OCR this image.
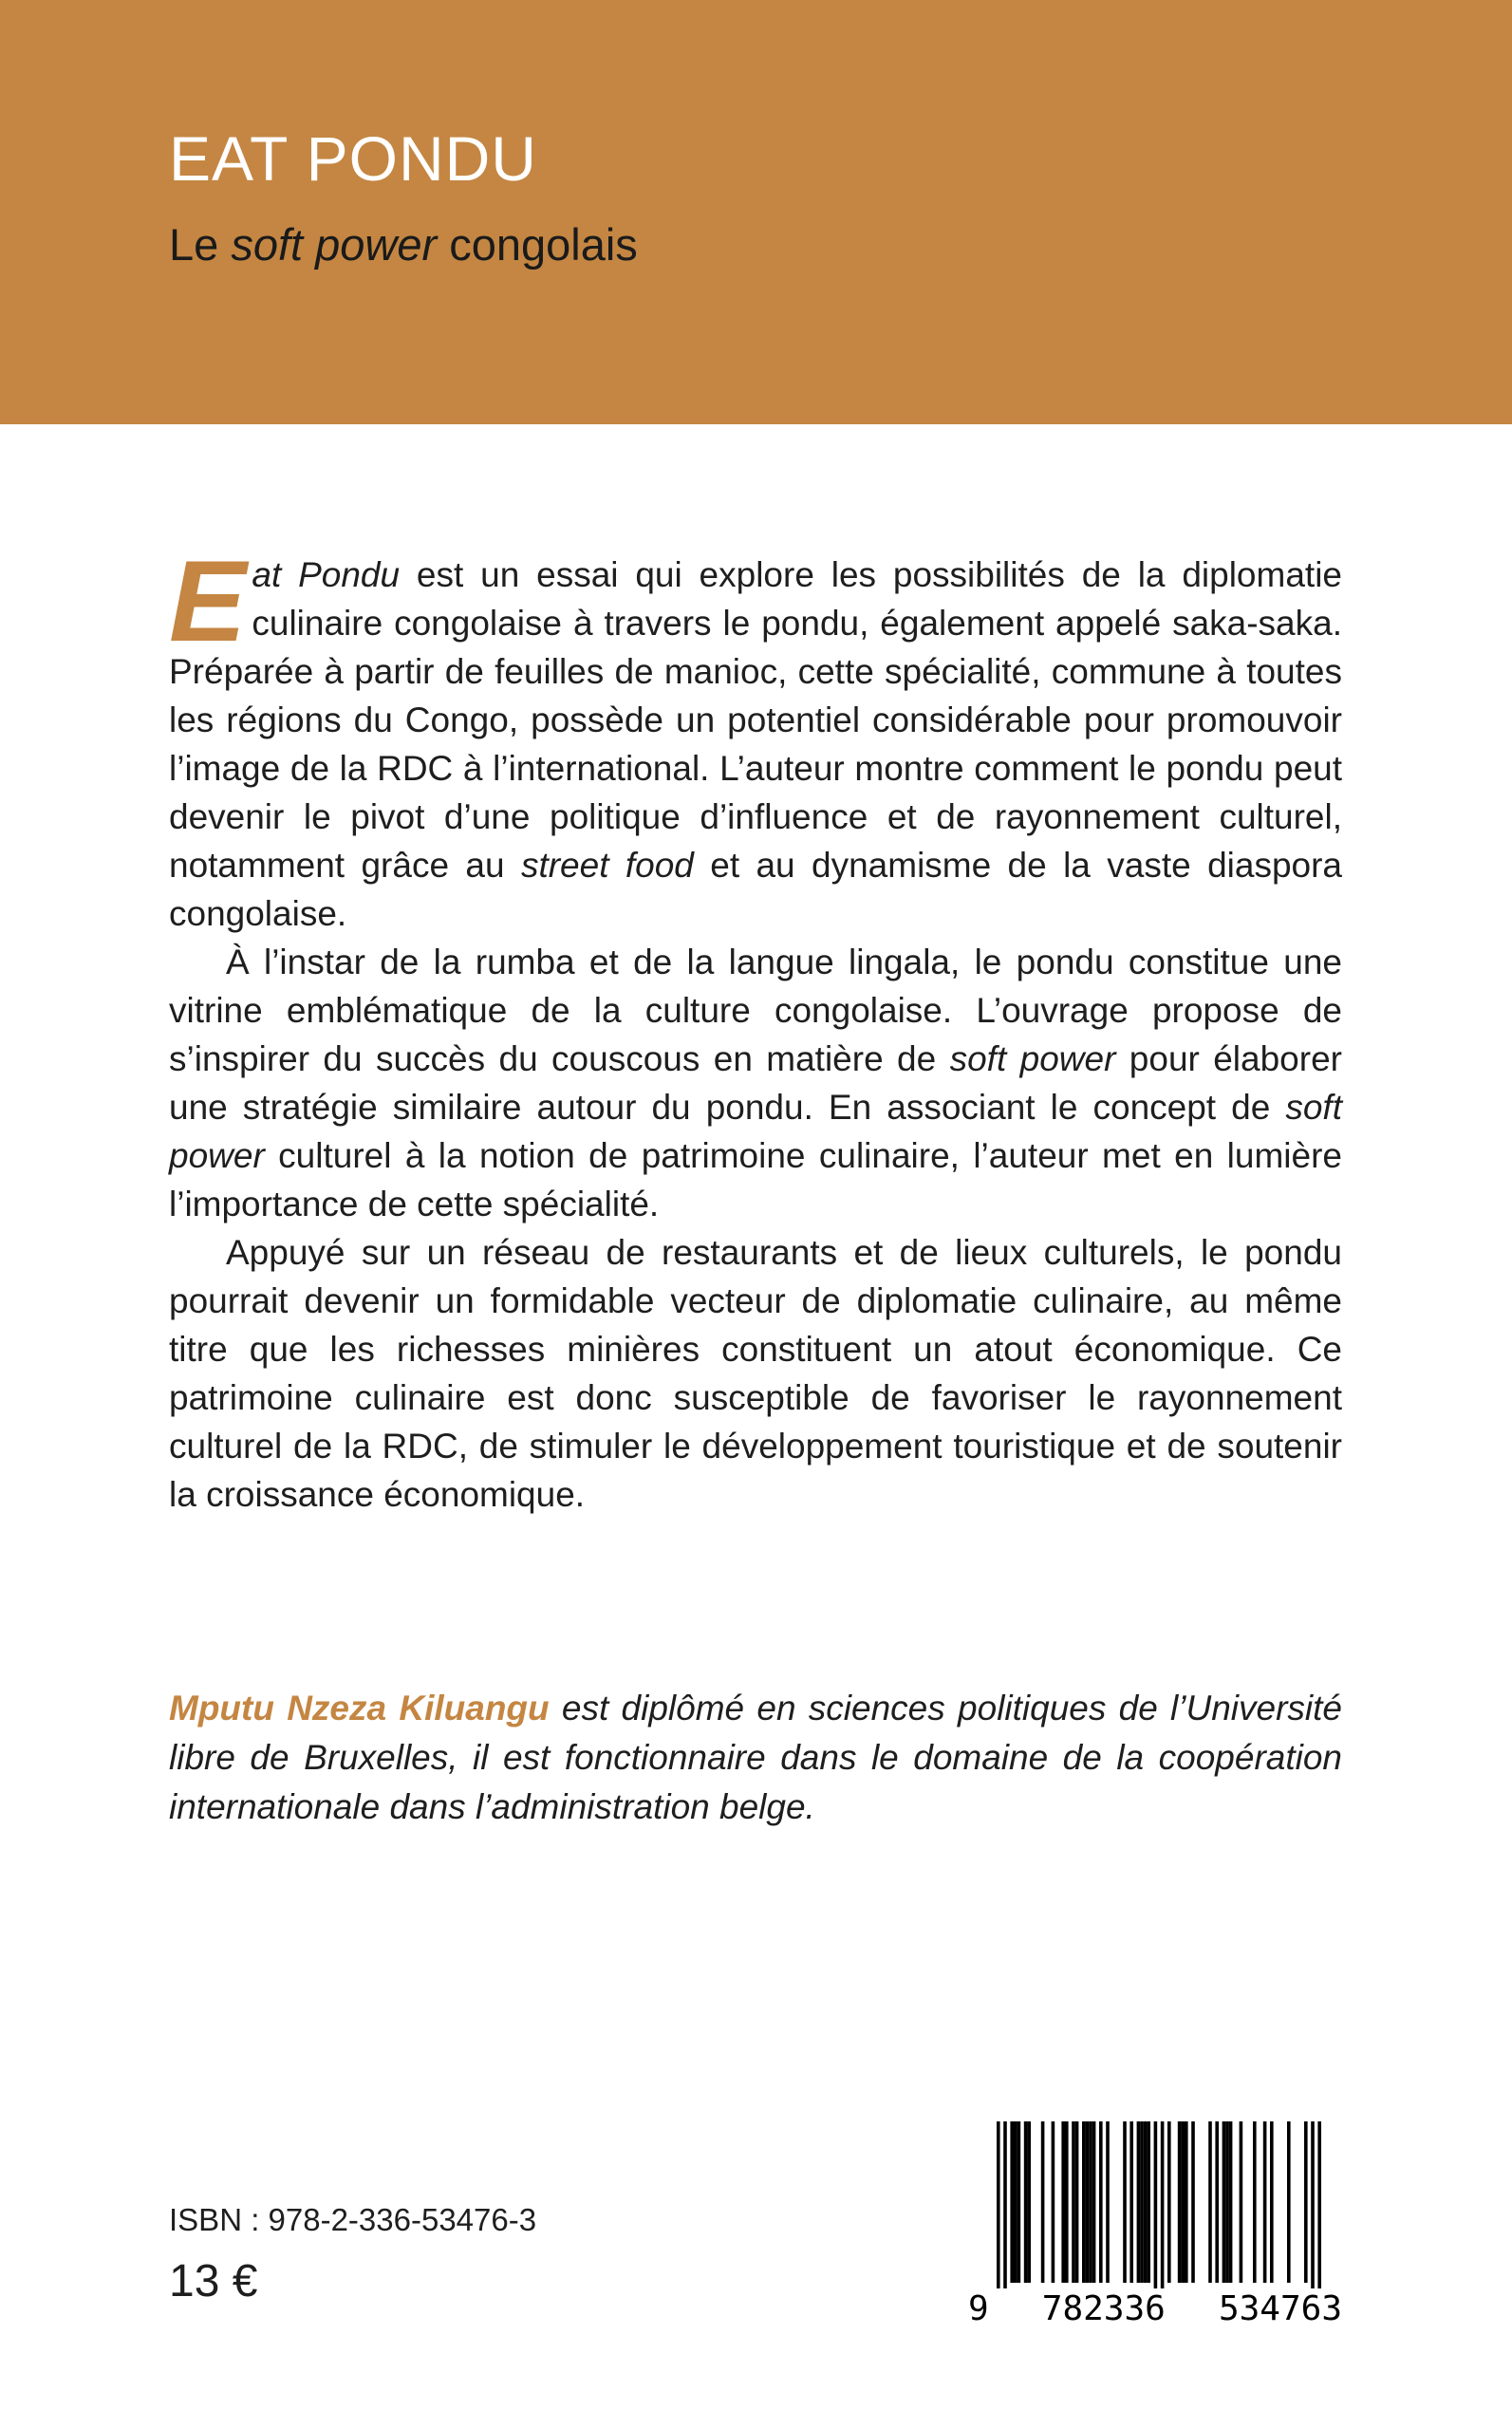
EAT PONDU
Le soft power congolais

Eat Pondu est un essai qui explore les possibilités de la diplomatie culinaire congolaise à travers le pondu, également appelé saka-saka. Préparée à partir de feuilles de manioc, cette spécialité, commune à toutes les régions du Congo, possède un potentiel considérable pour promouvoir l’image de la RDC à l’international. L’auteur montre comment le pondu peut devenir le pivot d’une politique d’influence et de rayonnement culturel, notamment grâce au street food et au dynamisme de la vaste diaspora congolaise.

À l’instar de la rumba et de la langue lingala, le pondu constitue une vitrine emblématique de la culture congolaise. L’ouvrage propose de s’inspirer du succès du couscous en matière de soft power pour élaborer une stratégie similaire autour du pondu. En associant le concept de soft power culturel à la notion de patrimoine culinaire, l’auteur met en lumière l’importance de cette spécialité.

Appuyé sur un réseau de restaurants et de lieux culturels, le pondu pourrait devenir un formidable vecteur de diplomatie culinaire, au même titre que les richesses minières constituent un atout économique. Ce patrimoine culinaire est donc susceptible de favoriser le rayonnement culturel de la RDC, de stimuler le développement touristique et de soutenir la croissance économique.

Mputu Nzeza Kiluangu est diplômé en sciences politiques de l’Université libre de Bruxelles, il est fonctionnaire dans le domaine de la coopération internationale dans l’administration belge.

ISBN : 978-2-336-53476-3
13 €
9 782336 534763
